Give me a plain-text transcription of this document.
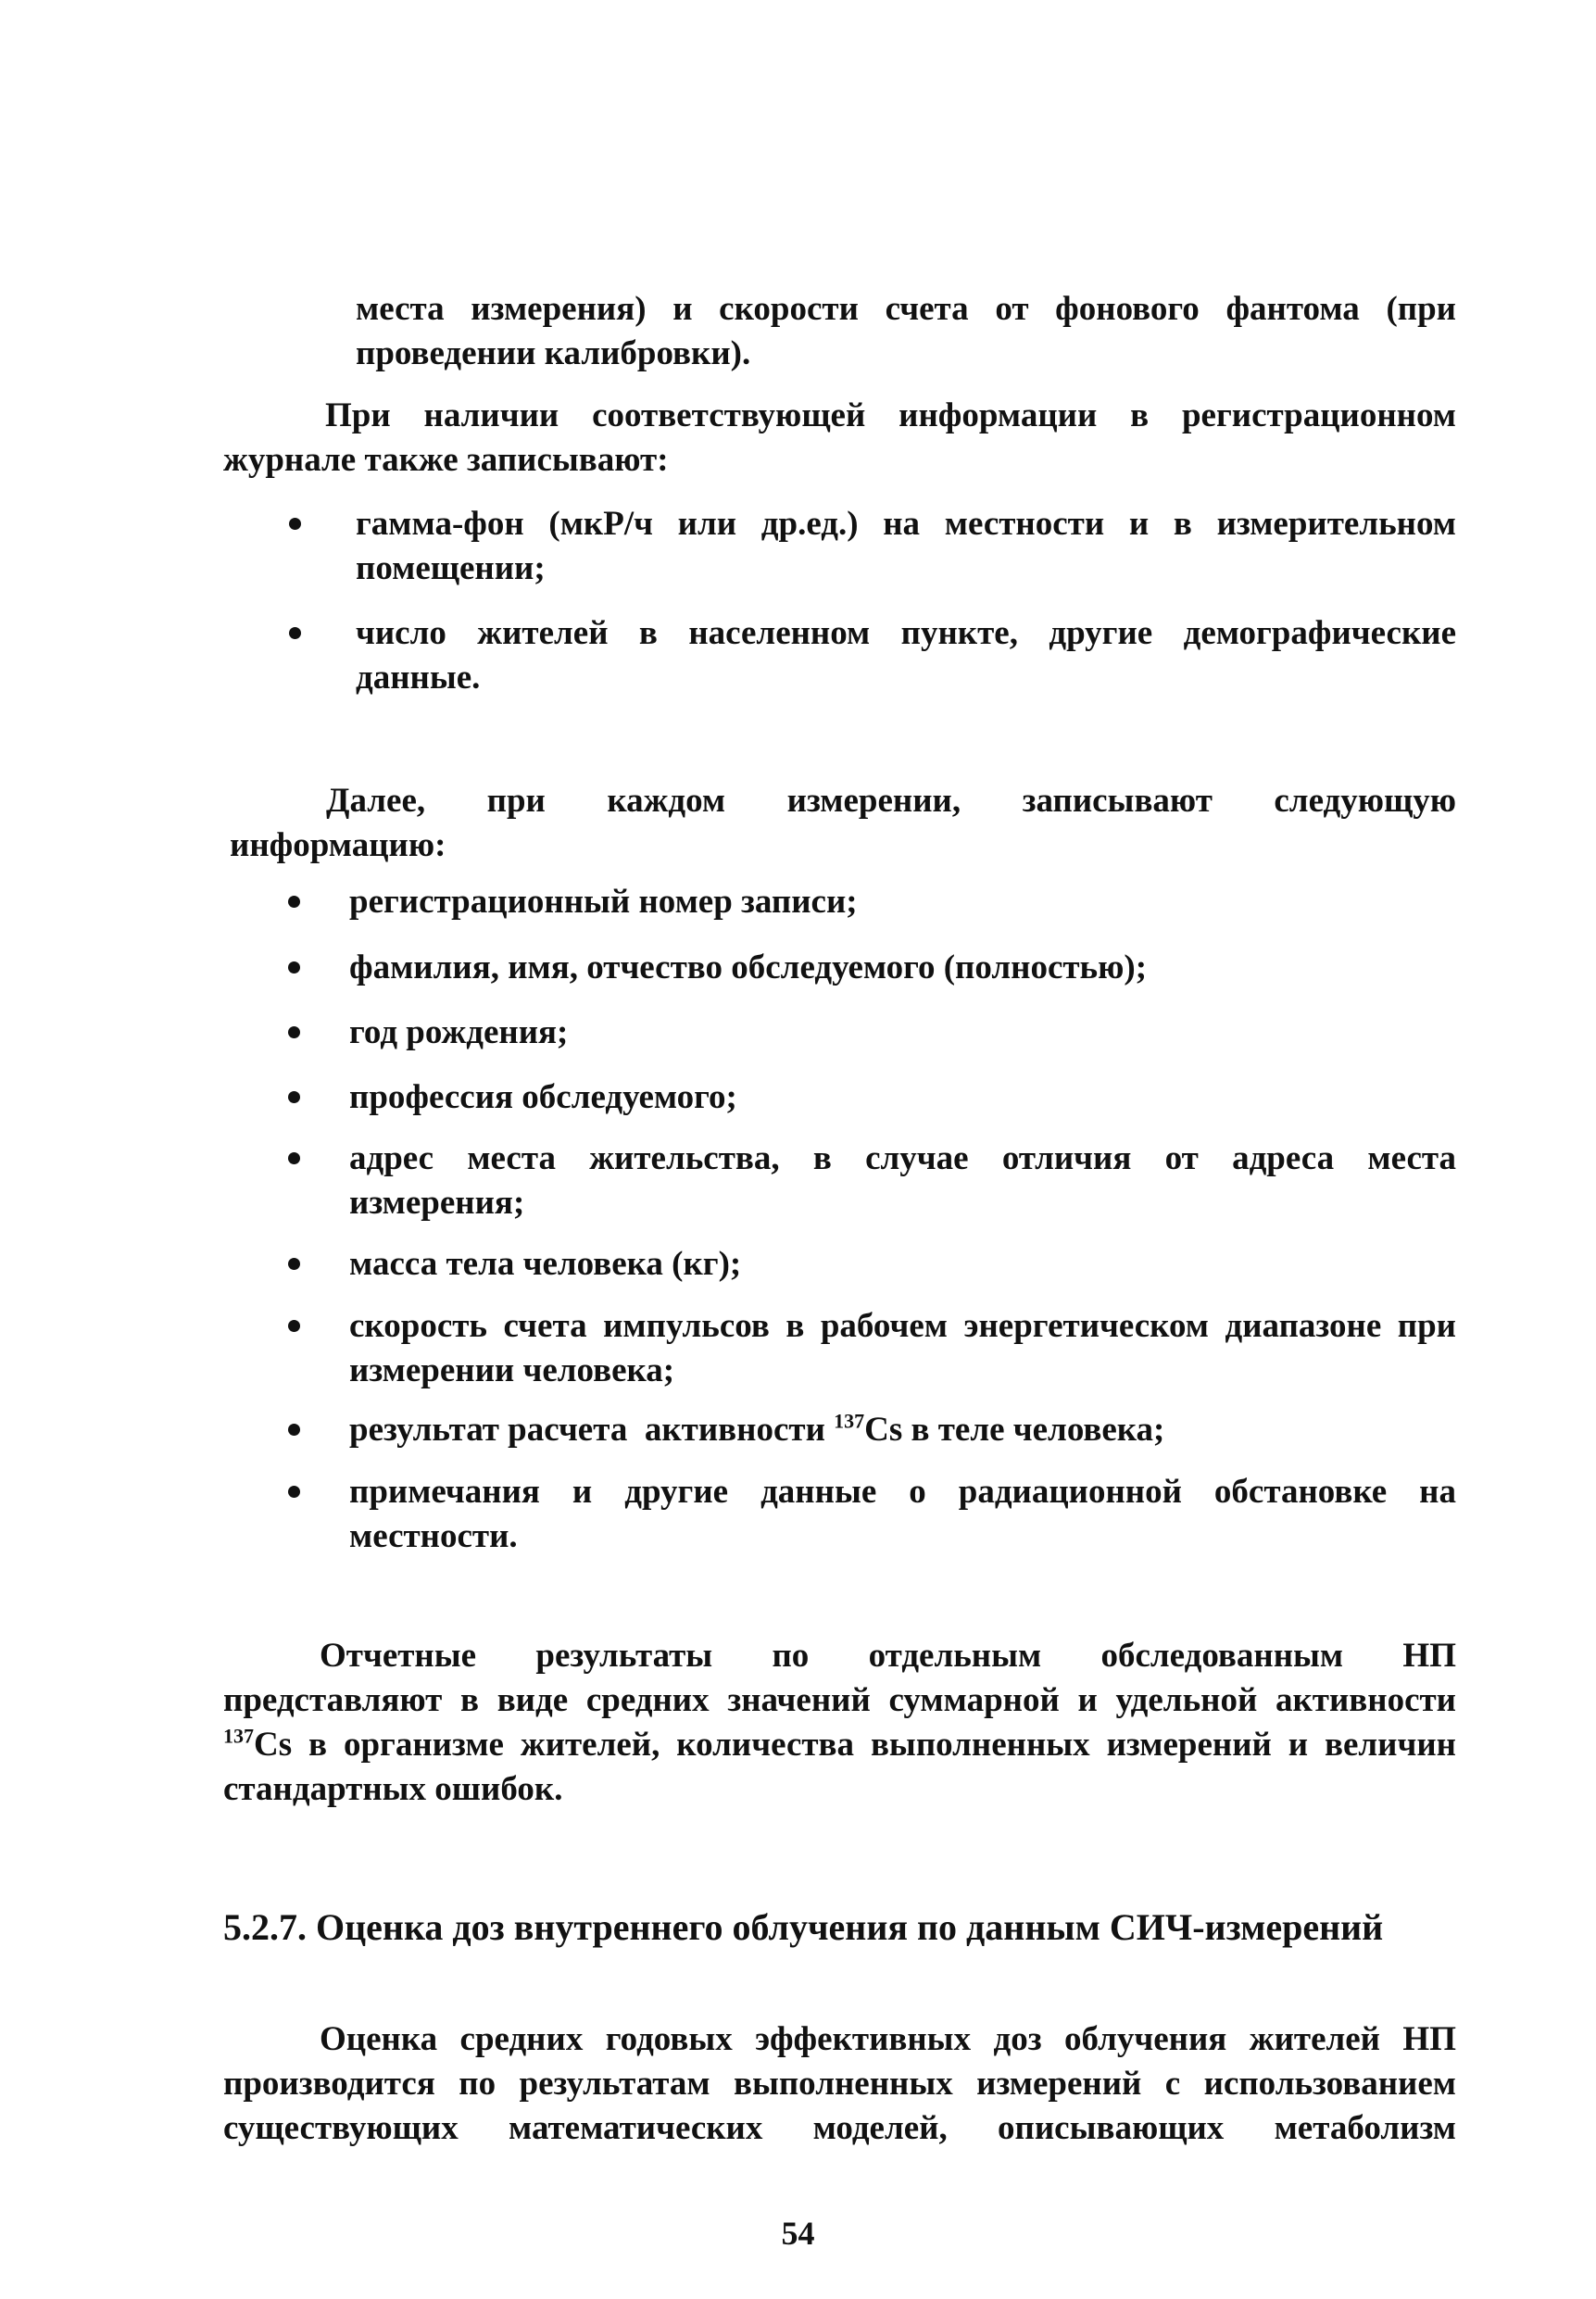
места измерения) и скорости счета от фонового фантома (при
проведении калибровки).
При наличии соответствующей информации в регистрационном
журнале также записывают:
гамма-фон (мкР/ч или др.ед.) на местности и в измерительном
помещении;
число жителей в населенном пункте, другие демографические
данные.
Далее, при каждом измерении, записывают следующую
информацию:
регистрационный номер записи;
фамилия, имя, отчество обследуемого (полностью);
год рождения;
профессия обследуемого;
адрес места жительства, в случае отличия от адреса места
измерения;
масса тела человека (кг);
скорость счета импульсов в рабочем энергетическом диапазоне при
измерении человека;
результат расчета  активности $^{137}$Cs в теле человека;
примечания и другие данные о радиационной обстановке на
местности.
Отчетные результаты по отдельным обследованным НП
представляют в виде средних значений суммарной и удельной активности
$^{137}$Cs в организме жителей, количества выполненных измерений и величин
стандартных ошибок.
5.2.7. Оценка доз внутреннего облучения по данным СИЧ-измерений
Оценка средних годовых эффективных доз облучения жителей НП
производится по результатам выполненных измерений с использованием
существующих математических моделей, описывающих метаболизм
54
